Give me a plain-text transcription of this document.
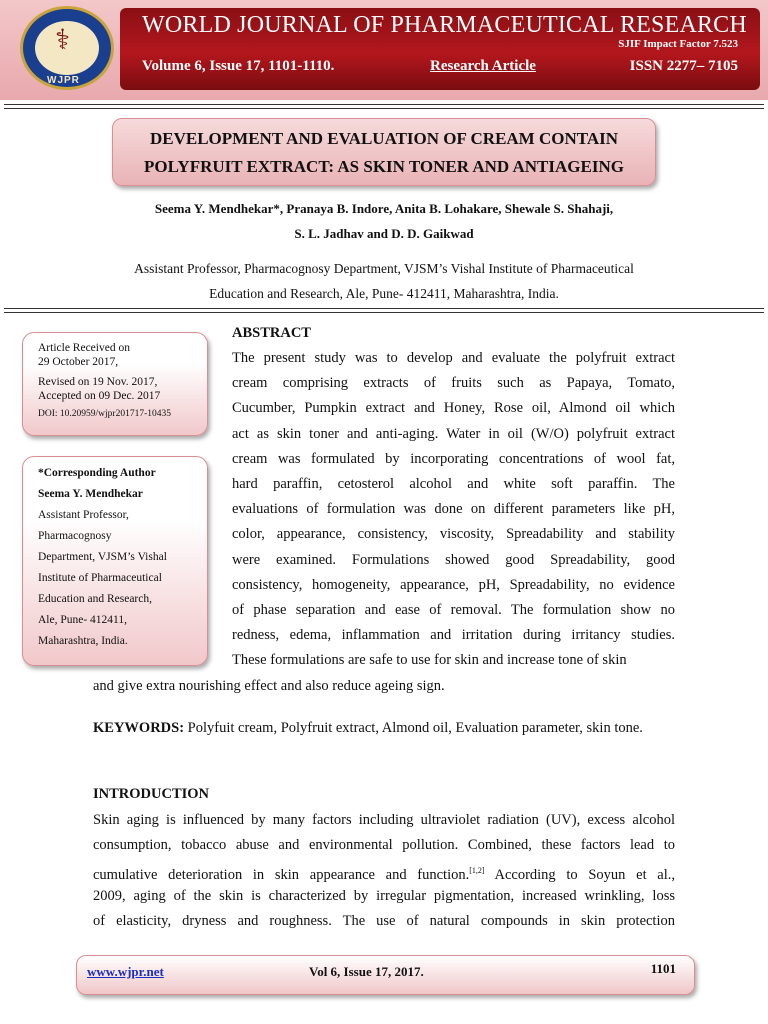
⚕
WJPR
WORLD JOURNAL OF PHARMACEUTICAL RESEARCH
SJIF Impact Factor 7.523
Volume 6, Issue 17, 1101-1110.	Research Article	ISSN 2277– 7105
DEVELOPMENT AND EVALUATION OF CREAM CONTAIN
POLYFRUIT EXTRACT: AS SKIN TONER AND ANTIAGEING
Seema Y. Mendhekar*, Pranaya B. Indore, Anita B. Lohakare, Shewale S. Shahaji,
S. L. Jadhav and D. D. Gaikwad
Assistant Professor, Pharmacognosy Department, VJSM’s Vishal Institute of Pharmaceutical
Education and Research, Ale, Pune- 412411, Maharashtra, India.
Article Received on
29 October 2017,
Revised on 19 Nov. 2017,
Accepted on 09 Dec. 2017
DOI: 10.20959/wjpr201717-10435
*Corresponding Author
Seema Y. Mendhekar
Assistant Professor,
Pharmacognosy
Department, VJSM’s Vishal
Institute of Pharmaceutical
Education and Research,
Ale, Pune- 412411,
Maharashtra, India.
ABSTRACT
The present study was to develop and evaluate the polyfruit extract
cream comprising extracts of fruits such as Papaya, Tomato,
Cucumber, Pumpkin extract and Honey, Rose oil, Almond oil which
act as skin toner and anti-aging. Water in oil (W/O) polyfruit extract
cream was formulated by incorporating concentrations of wool fat,
hard paraffin, cetosterol alcohol and white soft paraffin. The
evaluations of formulation was done on different parameters like pH,
color, appearance, consistency, viscosity, Spreadability and stability
were examined. Formulations showed good Spreadability, good
consistency, homogeneity, appearance, pH, Spreadability, no evidence
of phase separation and ease of removal. The formulation show no
redness, edema, inflammation and irritation during irritancy studies.
These formulations are safe to use for skin and increase tone of skin
and give extra nourishing effect and also reduce ageing sign.
KEYWORDS: Polyfuit cream, Polyfruit extract, Almond oil, Evaluation parameter, skin tone.
INTRODUCTION
Skin aging is influenced by many factors including ultraviolet radiation (UV), excess alcohol
consumption, tobacco abuse and environmental pollution. Combined, these factors lead to
cumulative deterioration in skin appearance and function.[1,2] According to Soyun et al.,
2009, aging of the skin is characterized by irregular pigmentation, increased wrinkling, loss
of elasticity, dryness and roughness. The use of natural compounds in skin protection
www.wjpr.net	Vol 6, Issue 17, 2017.	1101
